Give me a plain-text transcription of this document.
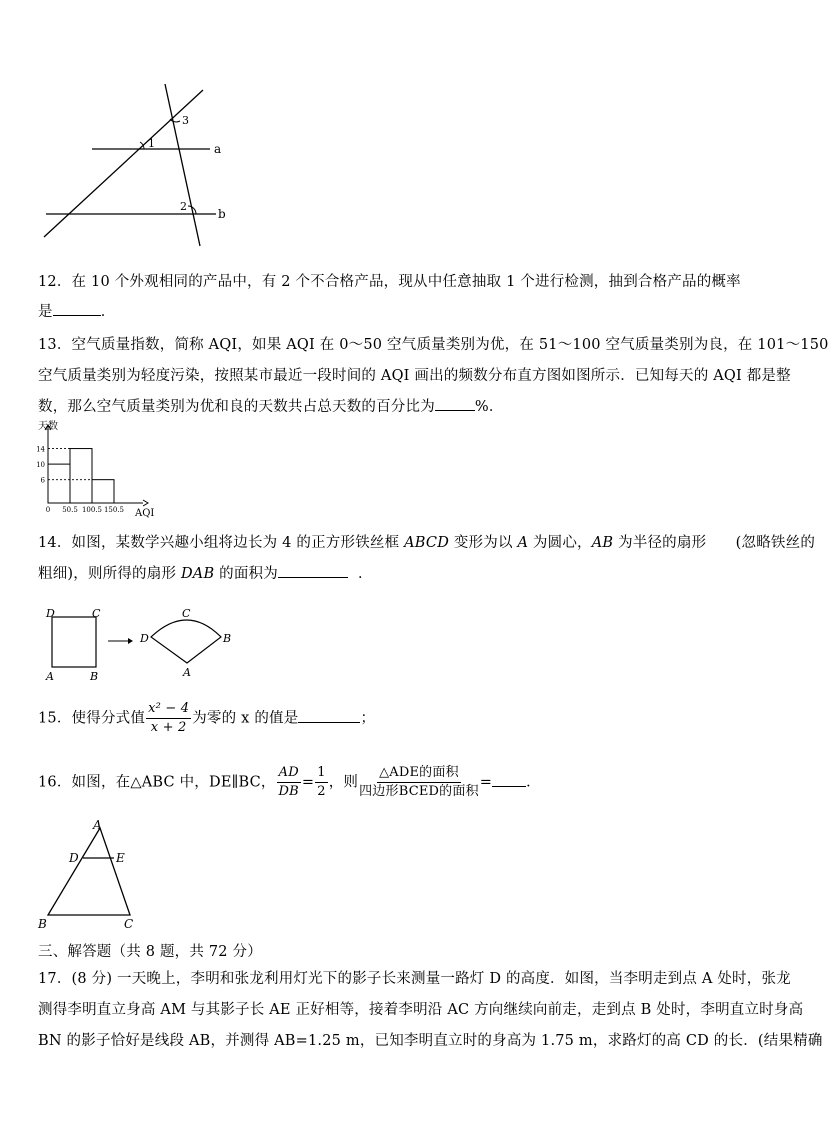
1
3
2
a
b
12．在 10 个外观相同的产品中，有 2 个不合格产品，现从中任意抽取 1 个进行检测，抽到合格产品的概率
是	．
13．空气质量指数，简称 AQI，如果 AQI 在 0～50 空气质量类别为优，在 51～100 空气质量类别为良，在 101～150
空气质量类别为轻度污染，按照某市最近一段时间的 AQI 画出的频数分布直方图如图所示．已知每天的 AQI 都是整
数，那么空气质量类别为优和良的天数共占总天数的百分比为	%．
天数
AQI
6
10
14
0 50.5 100.5 150.5
14．如图，某数学兴趣小组将边长为 4 的正方形铁丝框 ABCD 变形为以 A 为圆心，AB 为半径的扇形　　(忽略铁丝的
粗细)，则所得的扇形 DAB 的面积为	．
D	C
A	B
C
D	B
A
15．使得分式值 $\frac{\text{x² − 4}}{x + 2}$ 为零的 x 的值是	；
16．如图，在△ABC 中，DE∥BC， $\frac{AD}{DB} = \frac{1}{2}$ ，则 $\frac{\text{△ADE的面积}}{\text{四边形BCED的面积}}$ = ．
A
D	E
B	C
三、解答题（共 8 题，共 72 分）
17．(8 分) 一天晚上，李明和张龙利用灯光下的影子长来测量一路灯 D 的高度．如图，当李明走到点 A 处时，张龙
测得李明直立身高 AM 与其影子长 AE 正好相等，接着李明沿 AC 方向继续向前走，走到点 B 处时，李明直立时身高
BN 的影子恰好是线段 AB，并测得 AB=1.25 m，已知李明直立时的身高为 1.75 m，求路灯的高 CD 的长．(结果精确
